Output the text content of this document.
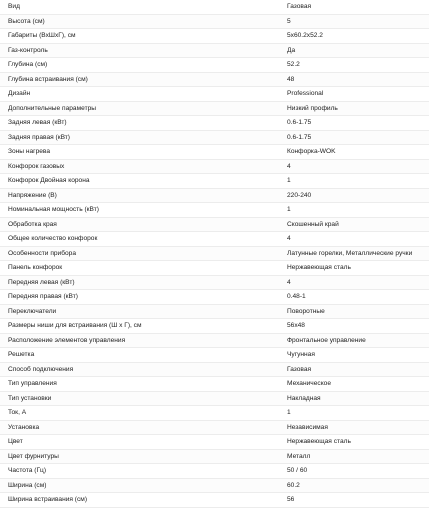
Вид	Газовая
Высота (см)	5
Габариты (ВхШхГ), см	5x60.2x52.2
Газ-контроль	Да
Глубина (см)	52.2
Глубина встраивания (см)	48
Дизайн	Professional
Дополнительные параметры	Низкий профиль
Задняя левая (кВт)	0.6-1.75
Задняя правая (кВт)	0.6-1.75
Зоны нагрева	Конфорка-WOK
Конфорок газовых	4
Конфорок Двойная корона	1
Напряжение (В)	220-240
Номинальная мощность (кВт)	1
Обработка края	Скошенный край
Общее количество конфорок	4
Особенности прибора	Латунные горелки, Металлические ручки
Панель конфорок	Нержавеющая сталь
Передняя левая (кВт)	4
Передняя правая (кВт)	0.48-1
Переключатели	Поворотные
Размеры ниши для встраивания (Ш х Г), см	56x48
Расположение элементов управления	Фронтальное управление
Решетка	Чугунная
Способ подключения	Газовая
Тип управления	Механическое
Тип установки	Накладная
Ток, А	1
Установка	Независимая
Цвет	Нержавеющая сталь
Цвет фурнитуры	Металл
Частота (Гц)	50 / 60
Ширина (см)	60.2
Ширина встраивания (см)	56
